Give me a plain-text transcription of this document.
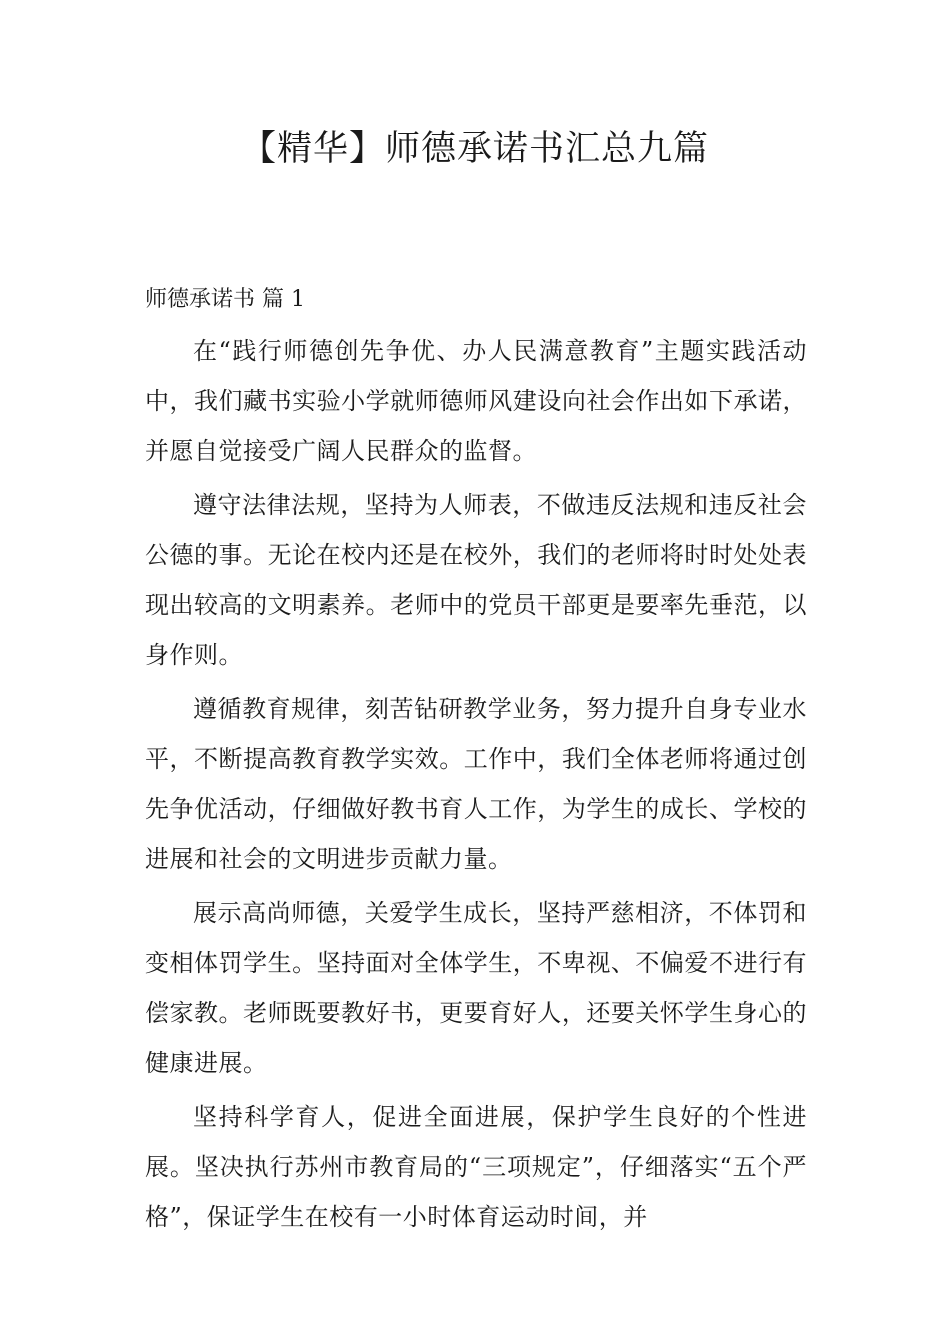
【精华】师德承诺书汇总九篇
师德承诺书 篇 1

在“践行师德创先争优、办人民满意教育”主题实践活动中，我们藏书实验小学就师德师风建设向社会作出如下承诺，并愿自觉接受广阔人民群众的监督。

遵守法律法规，坚持为人师表，不做违反法规和违反社会公德的事。无论在校内还是在校外，我们的老师将时时处处表现出较高的文明素养。老师中的党员干部更是要率先垂范，以身作则。

遵循教育规律，刻苦钻研教学业务，努力提升自身专业水平，不断提高教育教学实效。工作中，我们全体老师将通过创先争优活动，仔细做好教书育人工作，为学生的成长、学校的进展和社会的文明进步贡献力量。

展示高尚师德，关爱学生成长，坚持严慈相济，不体罚和变相体罚学生。坚持面对全体学生，不卑视、不偏爱不进行有偿家教。老师既要教好书，更要育好人，还要关怀学生身心的健康进展。

坚持科学育人，促进全面进展，保护学生良好的个性进展。坚决执行苏州市教育局的“三项规定”，仔细落实“五个严格”，保证学生在校有一小时体育运动时间，并
